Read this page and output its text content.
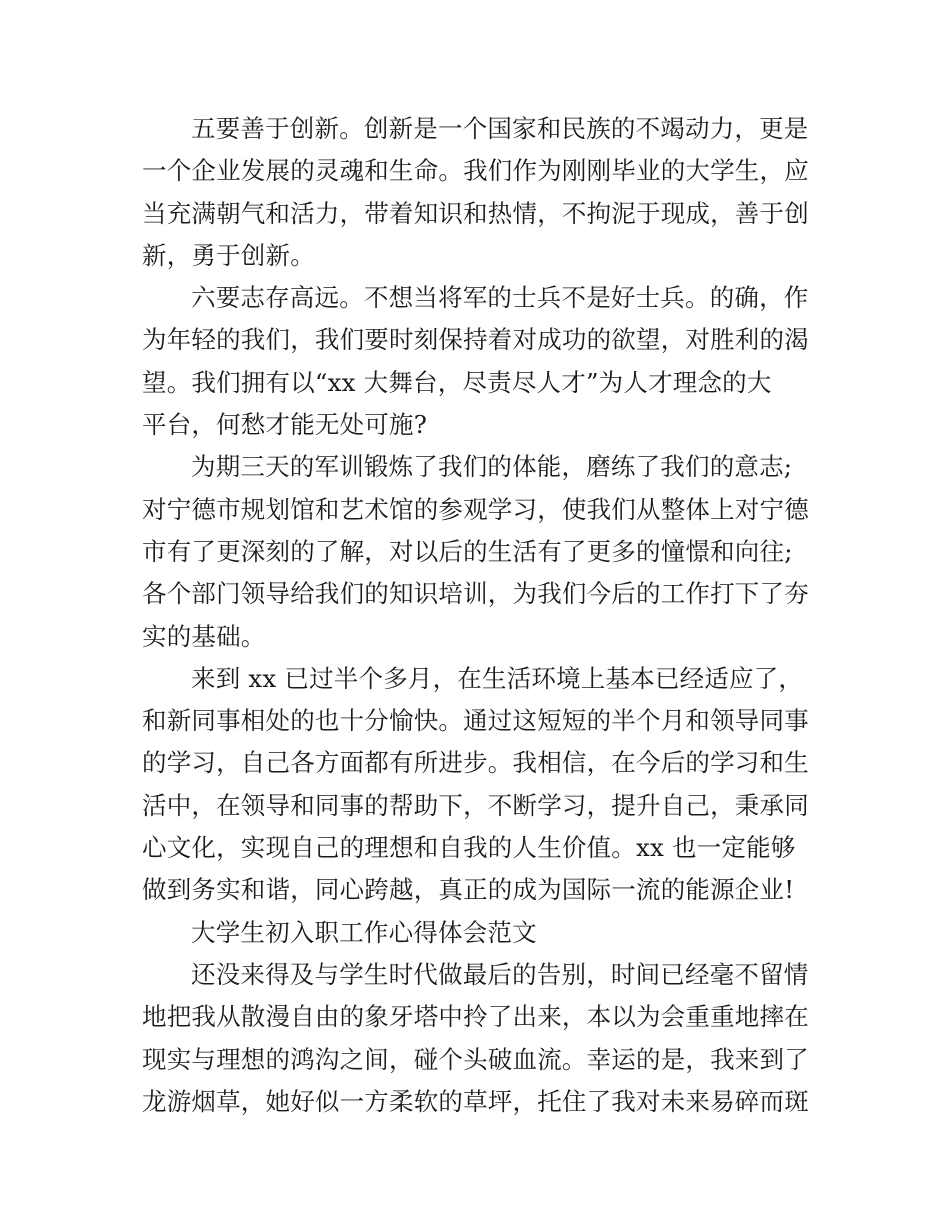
五要善于创新。创新是一个国家和民族的不竭动力，更是
一个企业发展的灵魂和生命。我们作为刚刚毕业的大学生，应
当充满朝气和活力，带着知识和热情，不拘泥于现成，善于创
新，勇于创新。
六要志存高远。不想当将军的士兵不是好士兵。的确，作
为年轻的我们，我们要时刻保持着对成功的欲望，对胜利的渴
望。我们拥有以“xx 大舞台，尽责尽人才”为人才理念的大
平台，何愁才能无处可施?
为期三天的军训锻炼了我们的体能，磨练了我们的意志;
对宁德市规划馆和艺术馆的参观学习，使我们从整体上对宁德
市有了更深刻的了解，对以后的生活有了更多的憧憬和向往;
各个部门领导给我们的知识培训，为我们今后的工作打下了夯
实的基础。
来到 xx 已过半个多月，在生活环境上基本已经适应了，
和新同事相处的也十分愉快。通过这短短的半个月和领导同事
的学习，自己各方面都有所进步。我相信，在今后的学习和生
活中，在领导和同事的帮助下，不断学习，提升自己，秉承同
心文化，实现自己的理想和自我的人生价值。xx 也一定能够
做到务实和谐，同心跨越，真正的成为国际一流的能源企业!
大学生初入职工作心得体会范文
还没来得及与学生时代做最后的告别，时间已经毫不留情
地把我从散漫自由的象牙塔中拎了出来，本以为会重重地摔在
现实与理想的鸿沟之间，碰个头破血流。幸运的是，我来到了
龙游烟草，她好似一方柔软的草坪，托住了我对未来易碎而斑
